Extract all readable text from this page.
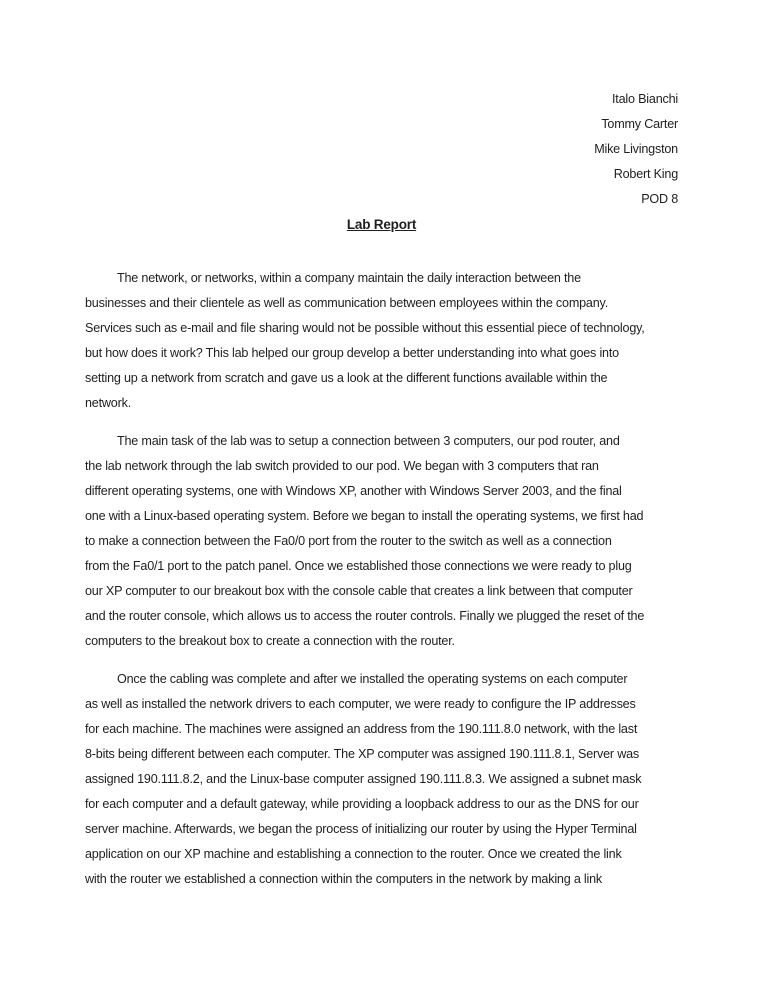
Italo Bianchi
Tommy Carter
Mike Livingston
Robert King
POD 8
Lab Report
The network, or networks, within a company maintain the daily interaction between the
businesses and their clientele as well as communication between employees within the company.
Services such as e-mail and file sharing would not be possible without this essential piece of technology,
but how does it work? This lab helped our group develop a better understanding into what goes into
setting up a network from scratch and gave us a look at the different functions available within the
network.
The main task of the lab was to setup a connection between 3 computers, our pod router, and
the lab network through the lab switch provided to our pod. We began with 3 computers that ran
different operating systems, one with Windows XP, another with Windows Server 2003, and the final
one with a Linux-based operating system. Before we began to install the operating systems, we first had
to make a connection between the Fa0/0 port from the router to the switch as well as a connection
from the Fa0/1 port to the patch panel. Once we established those connections we were ready to plug
our XP computer to our breakout box with the console cable that creates a link between that computer
and the router console, which allows us to access the router controls. Finally we plugged the reset of the
computers to the breakout box to create a connection with the router.
Once the cabling was complete and after we installed the operating systems on each computer
as well as installed the network drivers to each computer, we were ready to configure the IP addresses
for each machine. The machines were assigned an address from the 190.111.8.0 network, with the last
8-bits being different between each computer. The XP computer was assigned 190.111.8.1, Server was
assigned 190.111.8.2, and the Linux-base computer assigned 190.111.8.3. We assigned a subnet mask
for each computer and a default gateway, while providing a loopback address to our as the DNS for our
server machine. Afterwards, we began the process of initializing our router by using the Hyper Terminal
application on our XP machine and establishing a connection to the router. Once we created the link
with the router we established a connection within the computers in the network by making a link
